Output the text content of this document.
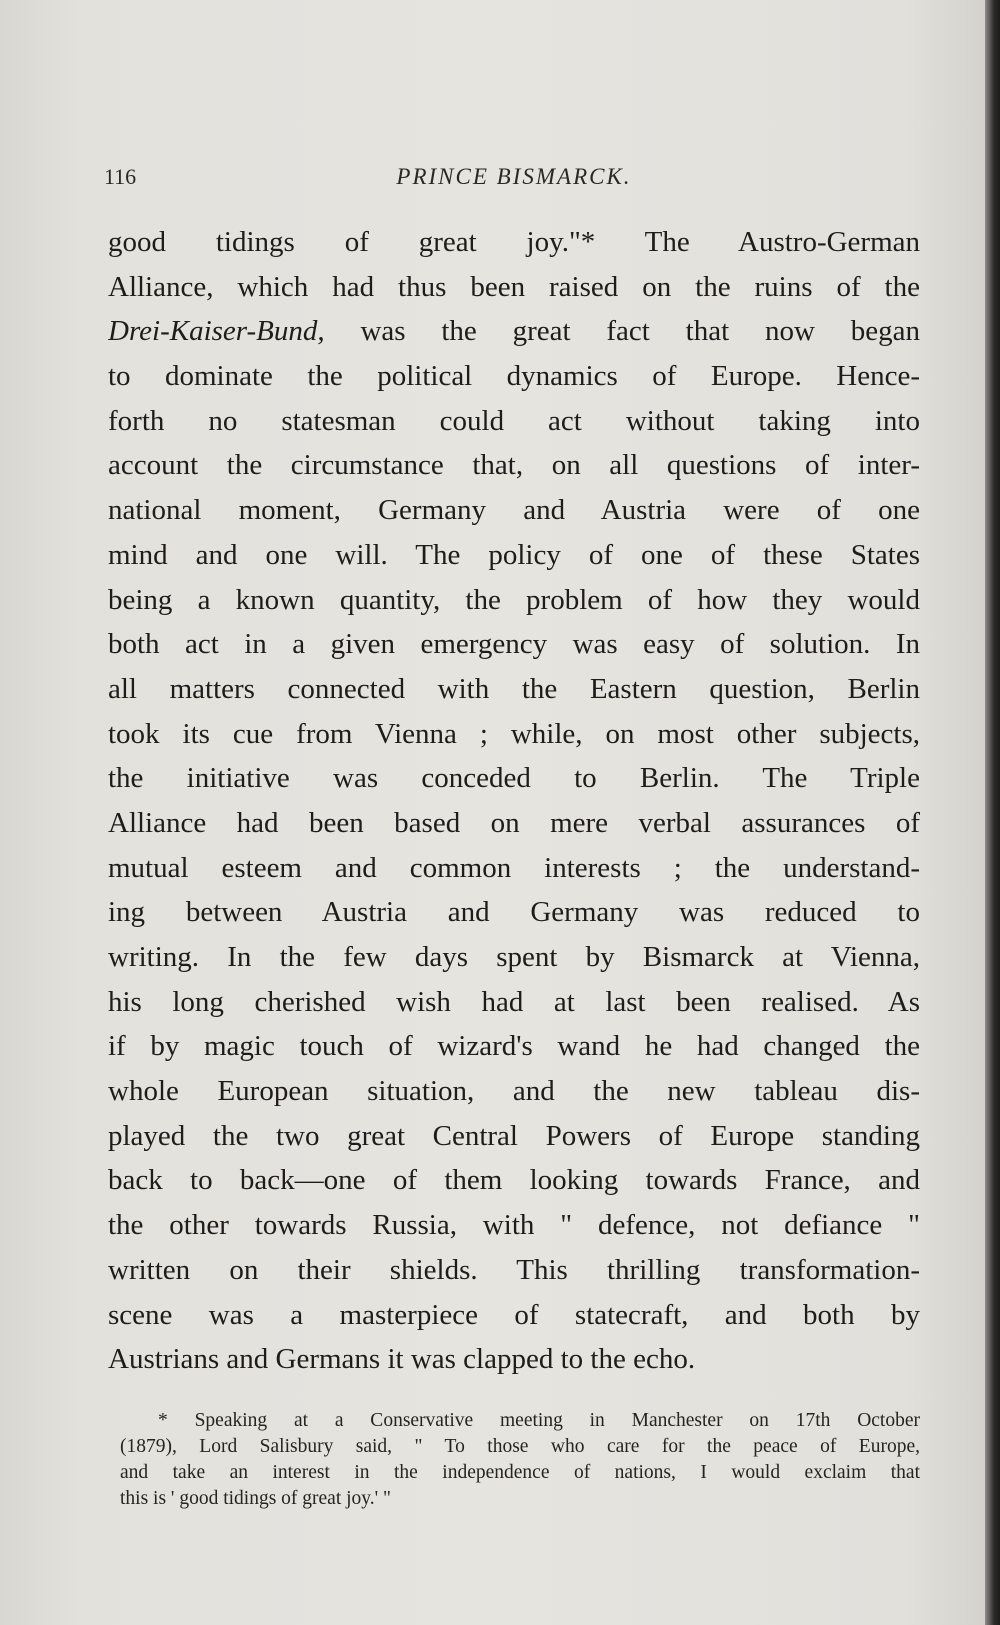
116	PRINCE BISMARCK.
good tidings of great joy."* The Austro-German
Alliance, which had thus been raised on the ruins of the
Drei-Kaiser-Bund, was the great fact that now began
to dominate the political dynamics of Europe. Hence-
forth no statesman could act without taking into
account the circumstance that, on all questions of inter-
national moment, Germany and Austria were of one
mind and one will. The policy of one of these States
being a known quantity, the problem of how they would
both act in a given emergency was easy of solution. In
all matters connected with the Eastern question, Berlin
took its cue from Vienna ; while, on most other subjects,
the initiative was conceded to Berlin. The Triple
Alliance had been based on mere verbal assurances of
mutual esteem and common interests ; the understand-
ing between Austria and Germany was reduced to
writing. In the few days spent by Bismarck at Vienna,
his long cherished wish had at last been realised. As
if by magic touch of wizard's wand he had changed the
whole European situation, and the new tableau dis-
played the two great Central Powers of Europe standing
back to back—one of them looking towards France, and
the other towards Russia, with " defence, not defiance "
written on their shields. This thrilling transformation-
scene was a masterpiece of statecraft, and both by
Austrians and Germans it was clapped to the echo.
* Speaking at a Conservative meeting in Manchester on 17th October
(1879), Lord Salisbury said, " To those who care for the peace of Europe,
and take an interest in the independence of nations, I would exclaim that
this is ' good tidings of great joy.' "
